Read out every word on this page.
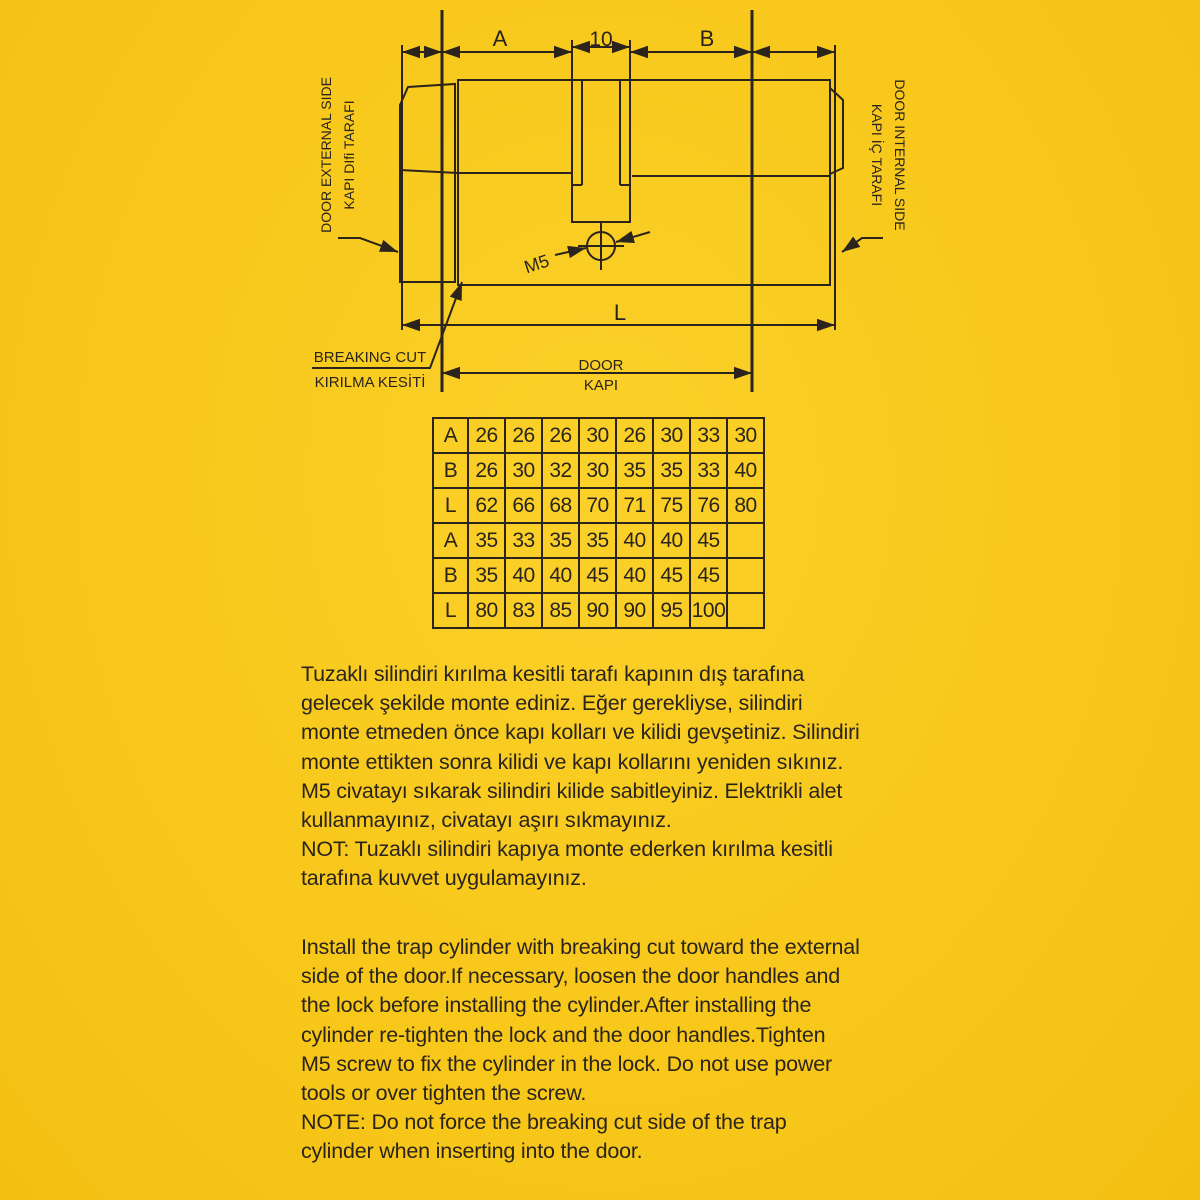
A	10	B
L
M5
DOOR
KAPI
BREAKING CUT
KIRILMA KESİTİ
DOOR EXTERNAL SIDE KAPI DIfi TARAFI	DOOR INTERNAL SIDE
KAPI İÇ TARAFI
A	26	26	26	30	26	30	33	30
B	26	30	32	30	35	35	33	40
L	62	66	68	70	71	75	76	80
A	35	33	35	35	40	40	45	
B	35	40	40	45	40	45	45	
L	80	83	85	90	90	95	100	

Tuzaklı silindiri kırılma kesitli tarafı kapının dış tarafına
gelecek şekilde monte ediniz. Eğer gerekliyse, silindiri
monte etmeden önce kapı kolları ve kilidi gevşetiniz. Silindiri
monte ettikten sonra kilidi ve kapı kollarını yeniden sıkınız.
M5 civatayı sıkarak silindiri kilide sabitleyiniz. Elektrikli alet
kullanmayınız, civatayı aşırı sıkmayınız.
NOT: Tuzaklı silindiri kapıya monte ederken kırılma kesitli
tarafına kuvvet uygulamayınız.

Install the trap cylinder with breaking cut toward the external
side of the door.If necessary, loosen the door handles and
the lock before installing the cylinder.After installing the
cylinder re-tighten the lock and the door handles.Tighten
M5 screw to fix the cylinder in the lock. Do not use power
tools or over tighten the screw.
NOTE: Do not force the breaking cut side of the trap
cylinder when inserting into the door.
